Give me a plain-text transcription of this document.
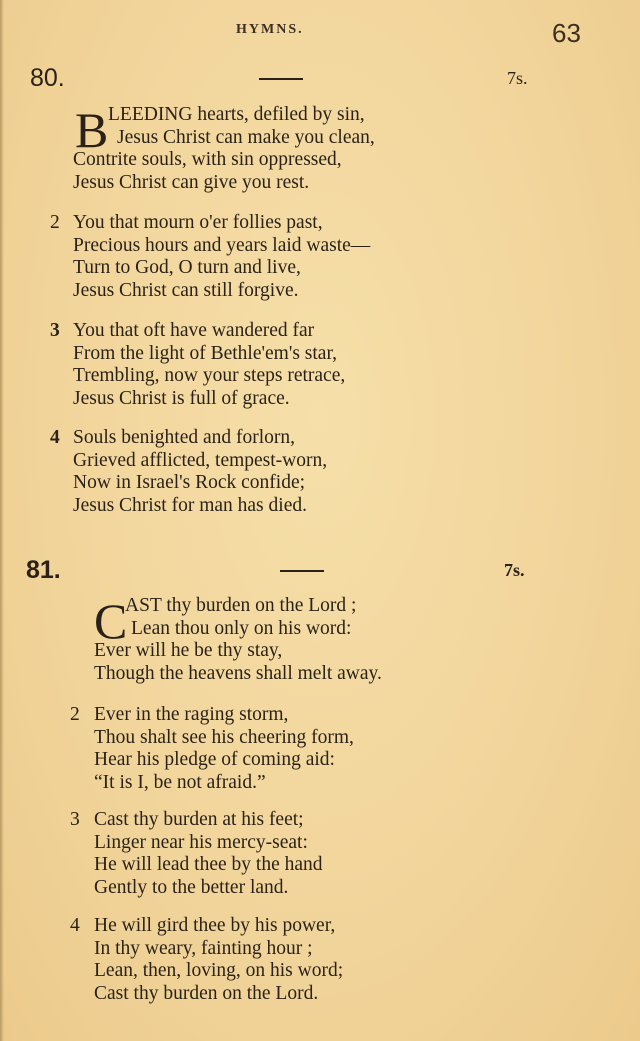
HYMNS.	63
80.	7s.
B LEEDING hearts, defiled by sin,
Jesus Christ can make you clean,
Contrite souls, with sin oppressed,
Jesus Christ can give you rest.
2 You that mourn o'er follies past,
Precious hours and years laid waste—
Turn to God, O turn and live,
Jesus Christ can still forgive.
3 You that oft have wandered far
From the light of Bethle'em's star,
Trembling, now your steps retrace,
Jesus Christ is full of grace.
4 Souls benighted and forlorn,
Grieved afflicted, tempest-worn,
Now in Israel's Rock confide;
Jesus Christ for man has died.
81.	7s.
C
AST thy burden on the Lord ;
Lean thou only on his word:
Ever will he be thy stay,
Though the heavens shall melt away.
2 Ever in the raging storm,
Thou shalt see his cheering form,
Hear his pledge of coming aid:
“It is I, be not afraid.”
3 Cast thy burden at his feet;
Linger near his mercy-seat:
He will lead thee by the hand
Gently to the better land.
4 He will gird thee by his power,
In thy weary, fainting hour ;
Lean, then, loving, on his word;
Cast thy burden on the Lord.
